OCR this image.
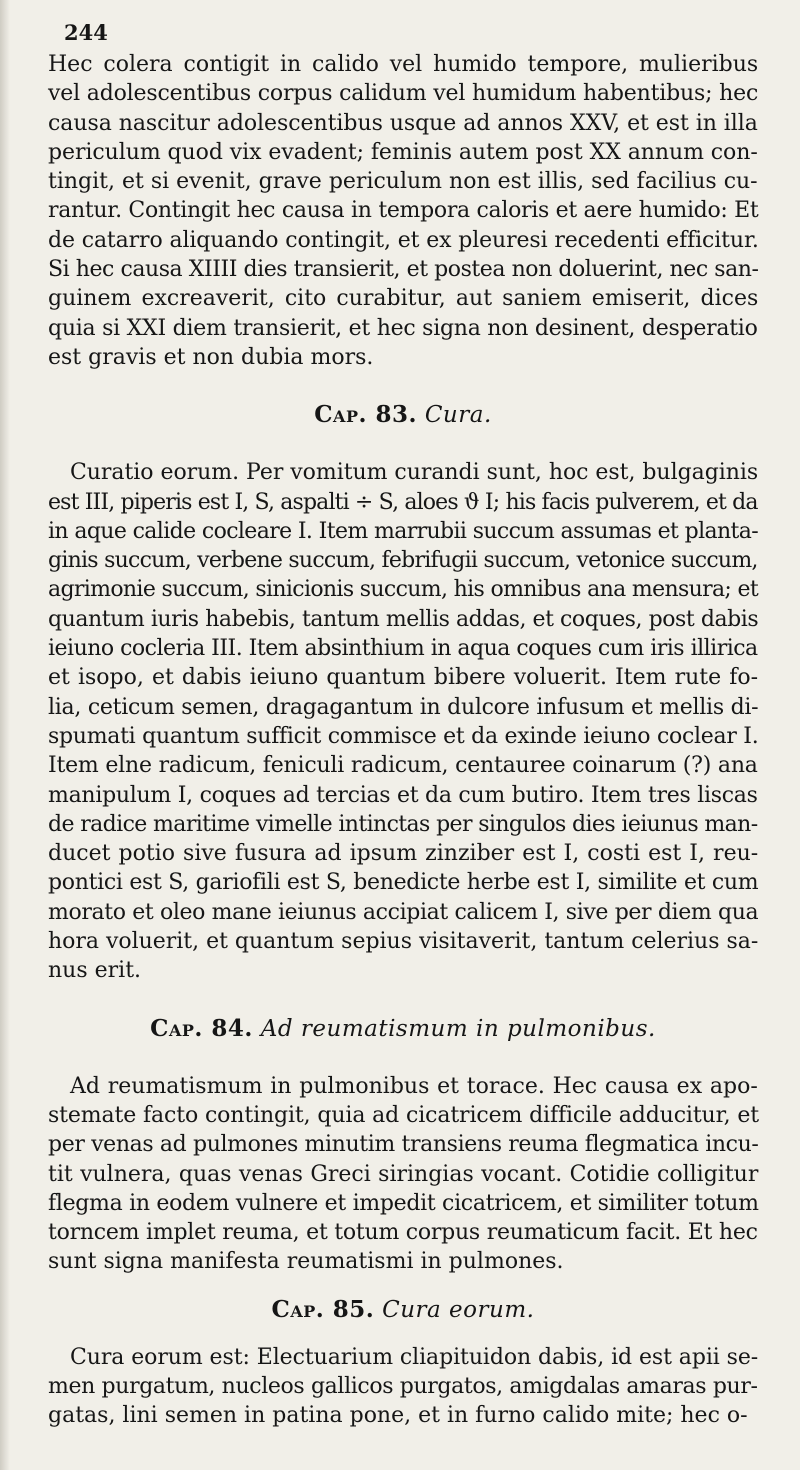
244
Hec colera contigit in calido vel humido tempore, mulieribus
vel adolescentibus corpus calidum vel humidum habentibus; hec
causa nascitur adolescentibus usque ad annos XXV, et est in illa
periculum quod vix evadent; feminis autem post XX annum con-
tingit, et si evenit, grave periculum non est illis, sed facilius cu-
rantur. Contingit hec causa in tempora caloris et aere humido: Et
de catarro aliquando contingit, et ex pleuresi recedenti efficitur.
Si hec causa XIIII dies transierit, et postea non doluerint, nec san-
guinem excreaverit, cito curabitur, aut saniem emiserit, dices
quia si XXI diem transierit, et hec signa non desinent, desperatio
est gravis et non dubia mors.
Cap. 83. Cura.
Curatio eorum. Per vomitum curandi sunt, hoc est, bulgaginis
est III, piperis est I, S, aspalti ÷ S, aloes ϑ I; his facis pulverem, et da
in aque calide cocleare I. Item marrubii succum assumas et planta-
ginis succum, verbene succum, febrifugii succum, vetonice succum,
agrimonie succum, sinicionis succum, his omnibus ana mensura; et
quantum iuris habebis, tantum mellis addas, et coques, post dabis
ieiuno cocleria III. Item absinthium in aqua coques cum iris illirica
et isopo, et dabis ieiuno quantum bibere voluerit. Item rute fo-
lia, ceticum semen, dragagantum in dulcore infusum et mellis di-
spumati quantum sufficit commisce et da exinde ieiuno coclear I.
Item elne radicum, feniculi radicum, centauree coinarum (?) ana
manipulum I, coques ad tercias et da cum butiro. Item tres liscas
de radice maritime vimelle intinctas per singulos dies ieiunus man-
ducet potio sive fusura ad ipsum zinziber est I, costi est I, reu-
pontici est S, gariofili est S, benedicte herbe est I, similite et cum
morato et oleo mane ieiunus accipiat calicem I, sive per diem qua
hora voluerit, et quantum sepius visitaverit, tantum celerius sa-
nus erit.
Cap. 84. Ad reumatismum in pulmonibus.
Ad reumatismum in pulmonibus et torace. Hec causa ex apo-
stemate facto contingit, quia ad cicatricem difficile adducitur, et
per venas ad pulmones minutim transiens reuma flegmatica incu-
tit vulnera, quas venas Greci siringias vocant. Cotidie colligitur
flegma in eodem vulnere et impedit cicatricem, et similiter totum
torncem implet reuma, et totum corpus reumaticum facit. Et hec
sunt signa manifesta reumatismi in pulmones.
Cap. 85. Cura eorum.
Cura eorum est: Electuarium cliapituidon dabis, id est apii se-
men purgatum, nucleos gallicos purgatos, amigdalas amaras pur-
gatas, lini semen in patina pone, et in furno calido mite; hec o-
